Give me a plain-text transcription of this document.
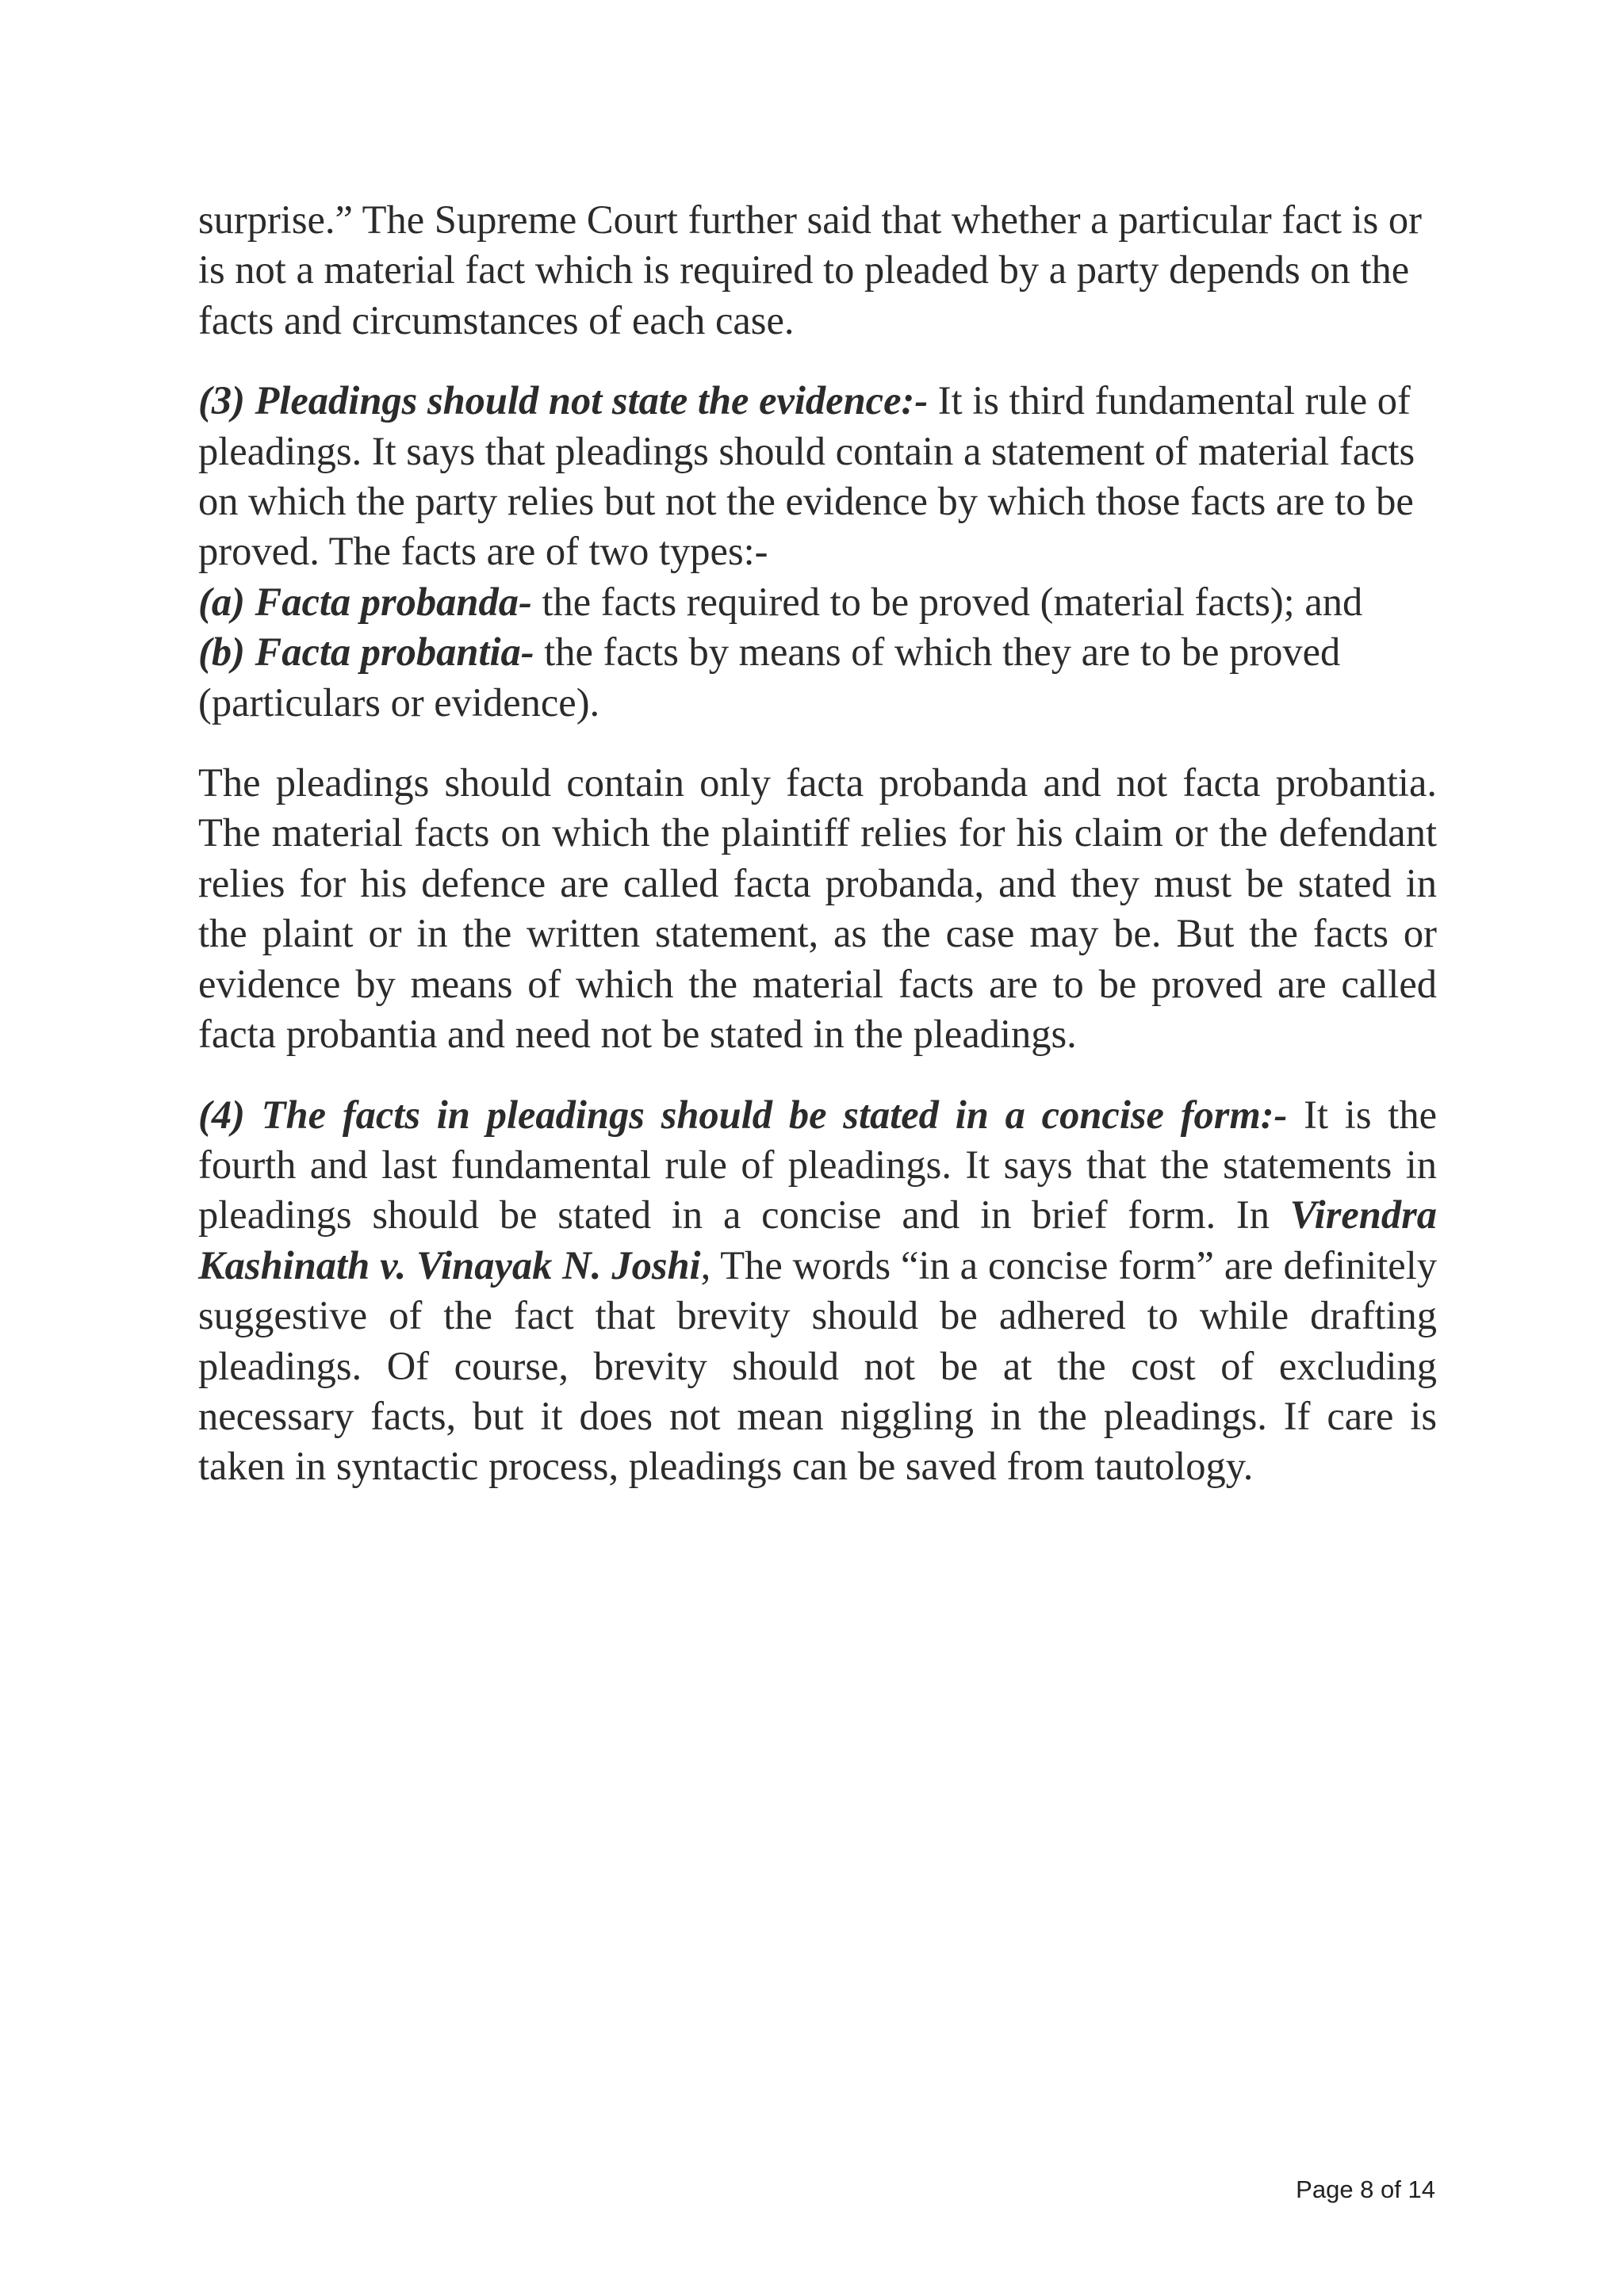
surprise.” The Supreme Court further said that whether a particular fact is or is not a material fact which is required to pleaded by a party depends on the facts and circumstances of each case.

(3) Pleadings should not state the evidence:- It is third fundamental rule of pleadings. It says that pleadings should contain a statement of material facts on which the party relies but not the evidence by which those facts are to be proved. The facts are of two types:-
(a) Facta probanda- the facts required to be proved (material facts); and
(b) Facta probantia- the facts by means of which they are to be proved (particulars or evidence).

The pleadings should contain only facta probanda and not facta probantia. The material facts on which the plaintiff relies for his claim or the defendant relies for his defence are called facta probanda, and they must be stated in the plaint or in the written statement, as the case may be. But the facts or evidence by means of which the material facts are to be proved are called facta probantia and need not be stated in the pleadings.

(4) The facts in pleadings should be stated in a concise form:- It is the fourth and last fundamental rule of pleadings. It says that the statements in pleadings should be stated in a concise and in brief form. In Virendra Kashinath v. Vinayak N. Joshi, The words “in a concise form” are definitely suggestive of the fact that brevity should be adhered to while drafting pleadings. Of course, brevity should not be at the cost of excluding necessary facts, but it does not mean niggling in the pleadings. If care is taken in syntactic process, pleadings can be saved from tautology.

Page 8 of 14
